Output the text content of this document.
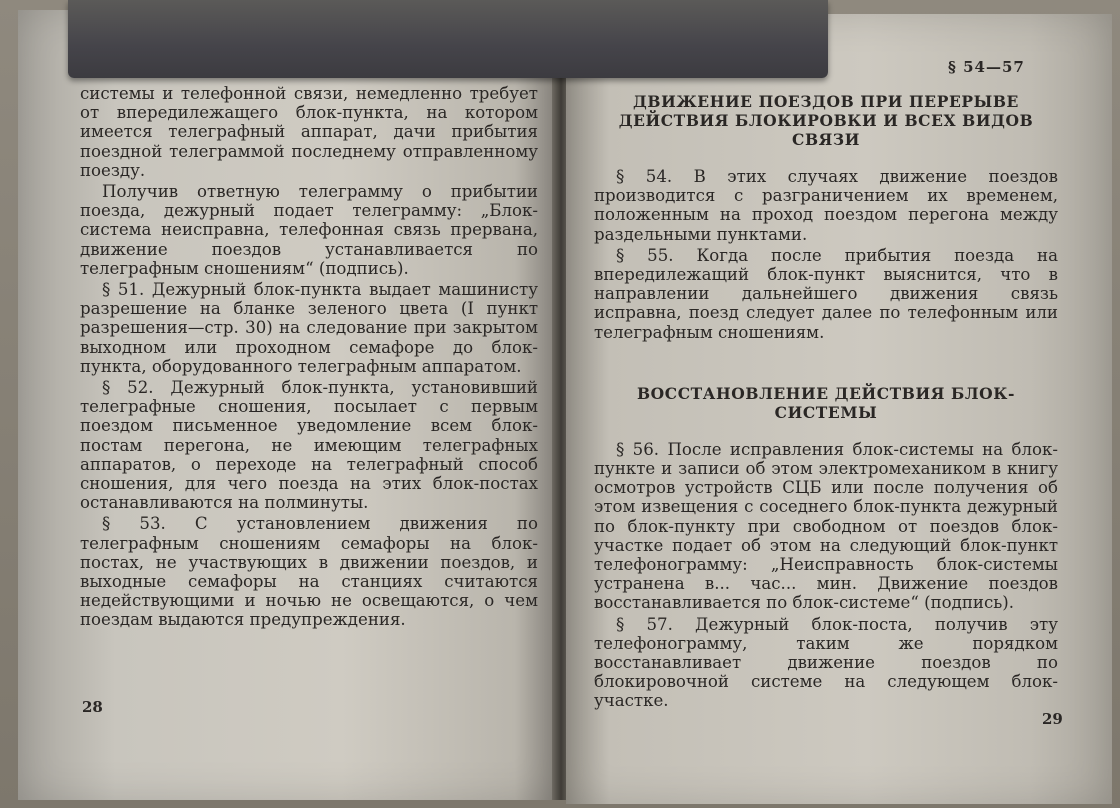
системы и телефонной связи, немедленно требует от впередилежащего блок-пункта, на котором имеется телеграфный аппарат, дачи прибытия поездной телеграммой последнему отправленному поезду.

Получив ответную телеграмму о прибытии поезда, дежурный подает телеграмму: „Блок-система неисправна, телефонная связь прервана, движение поездов устанавливается по телеграфным сношениям“ (подпись).

§ 51. Дежурный блок-пункта выдает машинисту разрешение на бланке зеленого цвета (I пункт разрешения—стр. 30) на следование при закрытом выходном или проходном семафоре до блок-пункта, оборудованного телеграфным аппаратом.

§ 52. Дежурный блок-пункта, установивший телеграфные сношения, посылает с первым поездом письменное уведомление всем блок-постам перегона, не имеющим телеграфных аппаратов, о переходе на телеграфный способ сношения, для чего поезда на этих блок-постах останавливаются на полминуты.

§ 53. С установлением движения по телеграфным сношениям семафоры на блок-постах, не участвующих в движении поездов, и выходные семафоры на станциях считаются недействующими и ночью не освещаются, о чем поездам выдаются предупреждения.

28
§ 54—57
ДВИЖЕНИЕ ПОЕЗДОВ ПРИ ПЕРЕРЫВЕ ДЕЙСТВИЯ БЛОКИРОВКИ И ВСЕХ ВИДОВ СВЯЗИ

§ 54. В этих случаях движение поездов производится с разграничением их временем, положенным на проход поездом перегона между раздельными пунктами.

§ 55. Когда после прибытия поезда на впередилежащий блок-пункт выяснится, что в направлении дальнейшего движения связь исправна, поезд следует далее по телефонным или телеграфным сношениям.

ВОССТАНОВЛЕНИЕ ДЕЙСТВИЯ БЛОК-СИСТЕМЫ

§ 56. После исправления блок-системы на блок-пункте и записи об этом электромехаником в книгу осмотров устройств СЦБ или после получения об этом извещения с соседнего блок-пункта дежурный по блок-пункту при свободном от поездов блок-участке подает об этом на следующий блок-пункт телефонограмму: „Неисправность блок-системы устранена в... час... мин. Движение поездов восстанавливается по блок-системе“ (подпись).

§ 57. Дежурный блок-поста, получив эту телефонограмму, таким же порядком восстанавливает движение поездов по блокировочной системе на следующем блок-участке.

29
